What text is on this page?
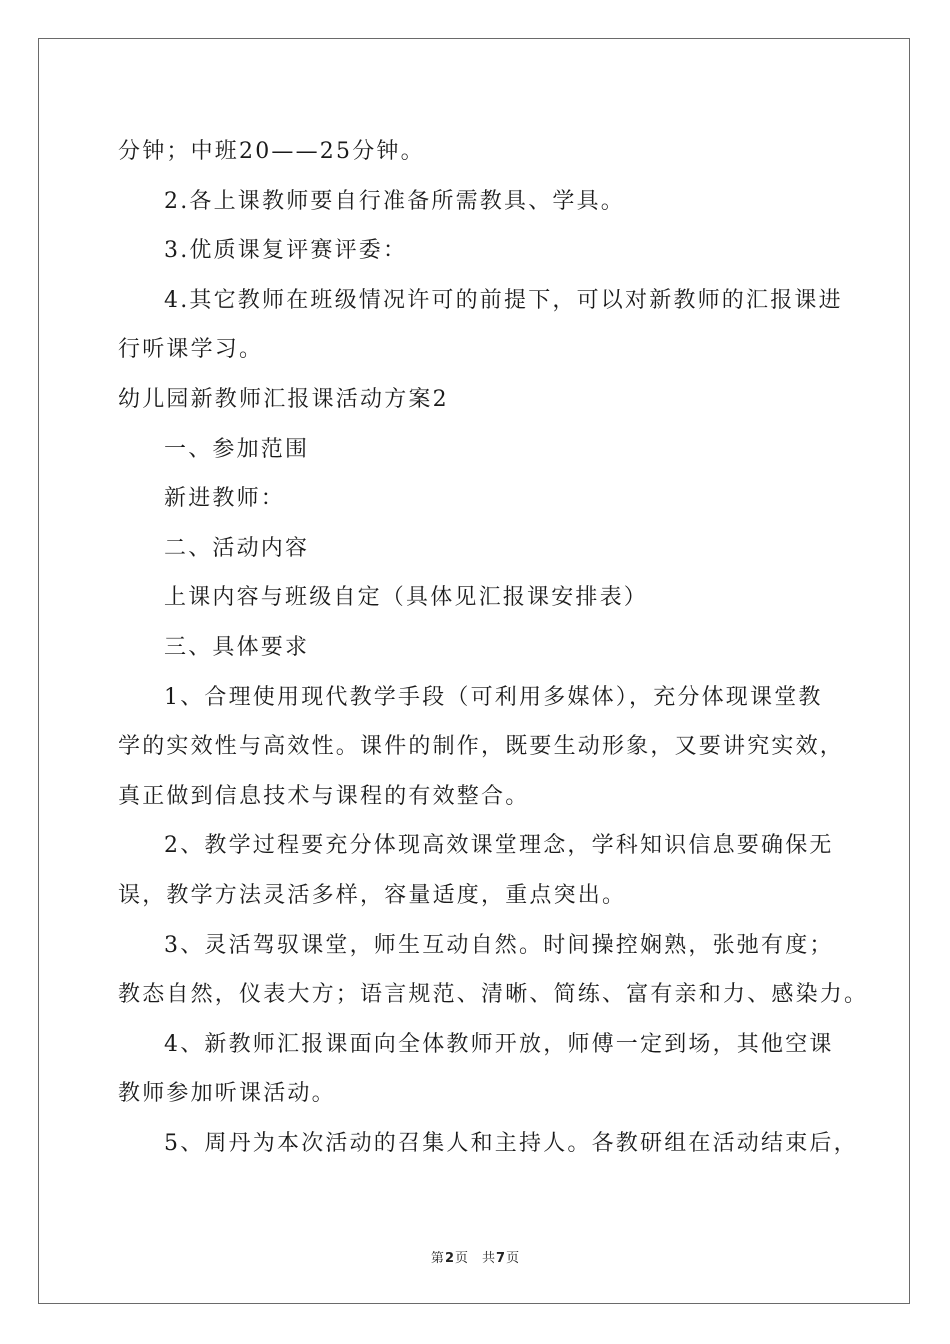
分钟；中班20——25分钟。
2.各上课教师要自行准备所需教具、学具。
3.优质课复评赛评委：
4.其它教师在班级情况许可的前提下，可以对新教师的汇报课进
行听课学习。
幼儿园新教师汇报课活动方案2
一、参加范围
新进教师：
二、活动内容
上课内容与班级自定（具体见汇报课安排表）
三、具体要求
1、合理使用现代教学手段（可利用多媒体），充分体现课堂教
学的实效性与高效性。课件的制作，既要生动形象，又要讲究实效，
真正做到信息技术与课程的有效整合。
2、教学过程要充分体现高效课堂理念，学科知识信息要确保无
误，教学方法灵活多样，容量适度，重点突出。
3、灵活驾驭课堂，师生互动自然。时间操控娴熟，张弛有度；
教态自然，仪表大方；语言规范、清晰、简练、富有亲和力、感染力。
4、新教师汇报课面向全体教师开放，师傅一定到场，其他空课
教师参加听课活动。
5、周丹为本次活动的召集人和主持人。各教研组在活动结束后，
第2页 共7页
